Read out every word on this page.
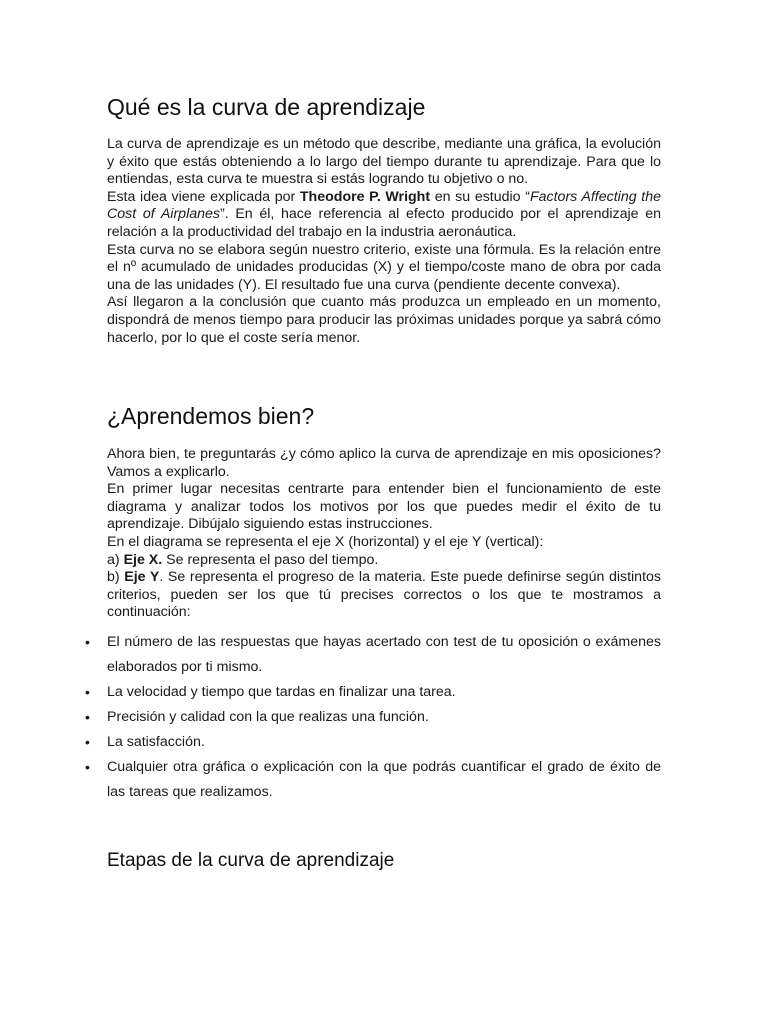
Qué es la curva de aprendizaje

La curva de aprendizaje es un método que describe, mediante una gráfica, la evolución y éxito que estás obteniendo a lo largo del tiempo durante tu aprendizaje. Para que lo entiendas, esta curva te muestra si estás logrando tu objetivo o no.

Esta idea viene explicada por Theodore P. Wright en su estudio “Factors Affecting the Cost of Airplanes”. En él, hace referencia al efecto producido por el aprendizaje en relación a la productividad del trabajo en la industria aeronáutica.

Esta curva no se elabora según nuestro criterio, existe una fórmula. Es la relación entre el nº acumulado de unidades producidas (X) y el tiempo/coste mano de obra por cada una de las unidades (Y). El resultado fue una curva (pendiente decente convexa).

Así llegaron a la conclusión que cuanto más produzca un empleado en un momento, dispondrá de menos tiempo para producir las próximas unidades porque ya sabrá cómo hacerlo, por lo que el coste sería menor.

¿Aprendemos bien?

Ahora bien, te preguntarás ¿y cómo aplico la curva de aprendizaje en mis oposiciones? Vamos a explicarlo.

En primer lugar necesitas centrarte para entender bien el funcionamiento de este diagrama y analizar todos los motivos por los que puedes medir el éxito de tu aprendizaje. Dibújalo siguiendo estas instrucciones.

En el diagrama se representa el eje X (horizontal) y el eje Y (vertical):

a) Eje X. Se representa el paso del tiempo.

b) Eje Y. Se representa el progreso de la materia. Este puede definirse según distintos criterios, pueden ser los que tú precises correctos o los que te mostramos a continuación:

• El número de las respuestas que hayas acertado con test de tu oposición o exámenes elaborados por ti mismo.
• La velocidad y tiempo que tardas en finalizar una tarea.
• Precisión y calidad con la que realizas una función.
• La satisfacción.
• Cualquier otra gráfica o explicación con la que podrás cuantificar el grado de éxito de las tareas que realizamos.
Etapas de la curva de aprendizaje
